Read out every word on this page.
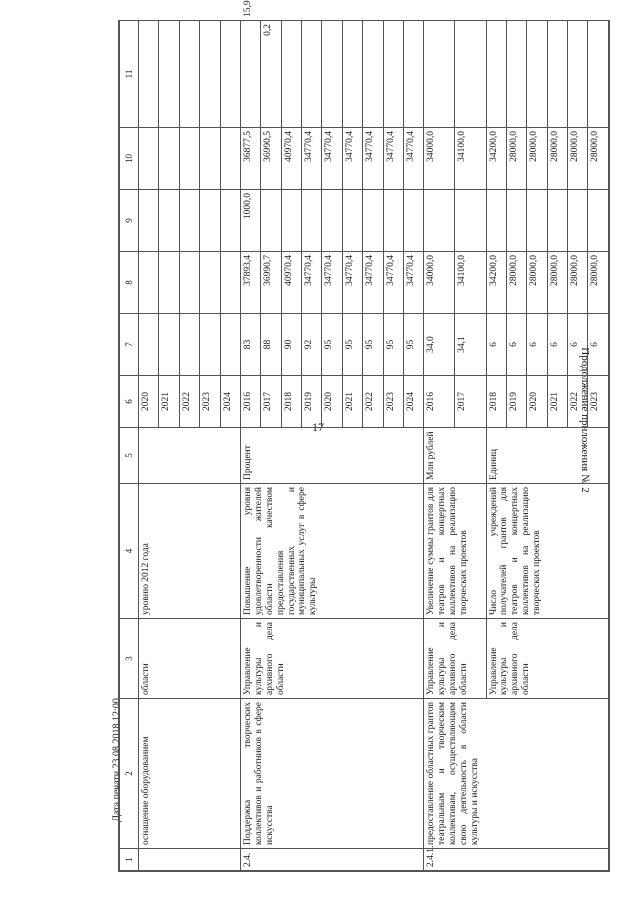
17	Продолжение приложения № 2
Дата печати 23.08.2018 12:00
1	2	3	4	5	6	7	8	9	10	11	
	оснащение оборудованием	области	уровню 2012 года		2020						
					2021						
					2022						
					2023						
					2024						
2.4.	Поддержка творческих коллективов и работников в сфере искусства	Управление культуры и архивного дела области	Повышение уровня удовлетворенности жителей области качеством предоставления государственных и муниципальных услуг в сфере культуры	Процент	2016	83	37893,4	1000,0	36877,5		15,9
					2017	88	36990,7		36990,5	0,2	
					2018	90	40970,4		40970,4		
					2019	92	34770,4		34770,4		
					2020	95	34770,4		34770,4		
					2021	95	34770,4		34770,4		
					2022	95	34770,4		34770,4		
					2023	95	34770,4		34770,4		
					2024	95	34770,4		34770,4		
2.4.1.	предоставление областных грантов театральным и творческим коллективам, осуществляющим свою деятельность в области культуры и искусства	Управление культуры и архивного дела области	Увеличение суммы грантов для театров и концертных коллективов на реализацию творческих проектов	Млн рублей	2016	34,0	34000,0		34000,0		
					2017	34,1	34100,0		34100,0		
		Управление культуры и архивного дела области	Число учреждений получателей грантов для театров и концертных коллективов на реализацию творческих проектов	Единиц	2018	6	34200,0		34200,0		
					2019	6	28000,0		28000,0		
					2020	6	28000,0		28000,0		
					2021	6	28000,0		28000,0		
					2022	6	28000,0		28000,0		
					2023	6	28000,0		28000,0		
